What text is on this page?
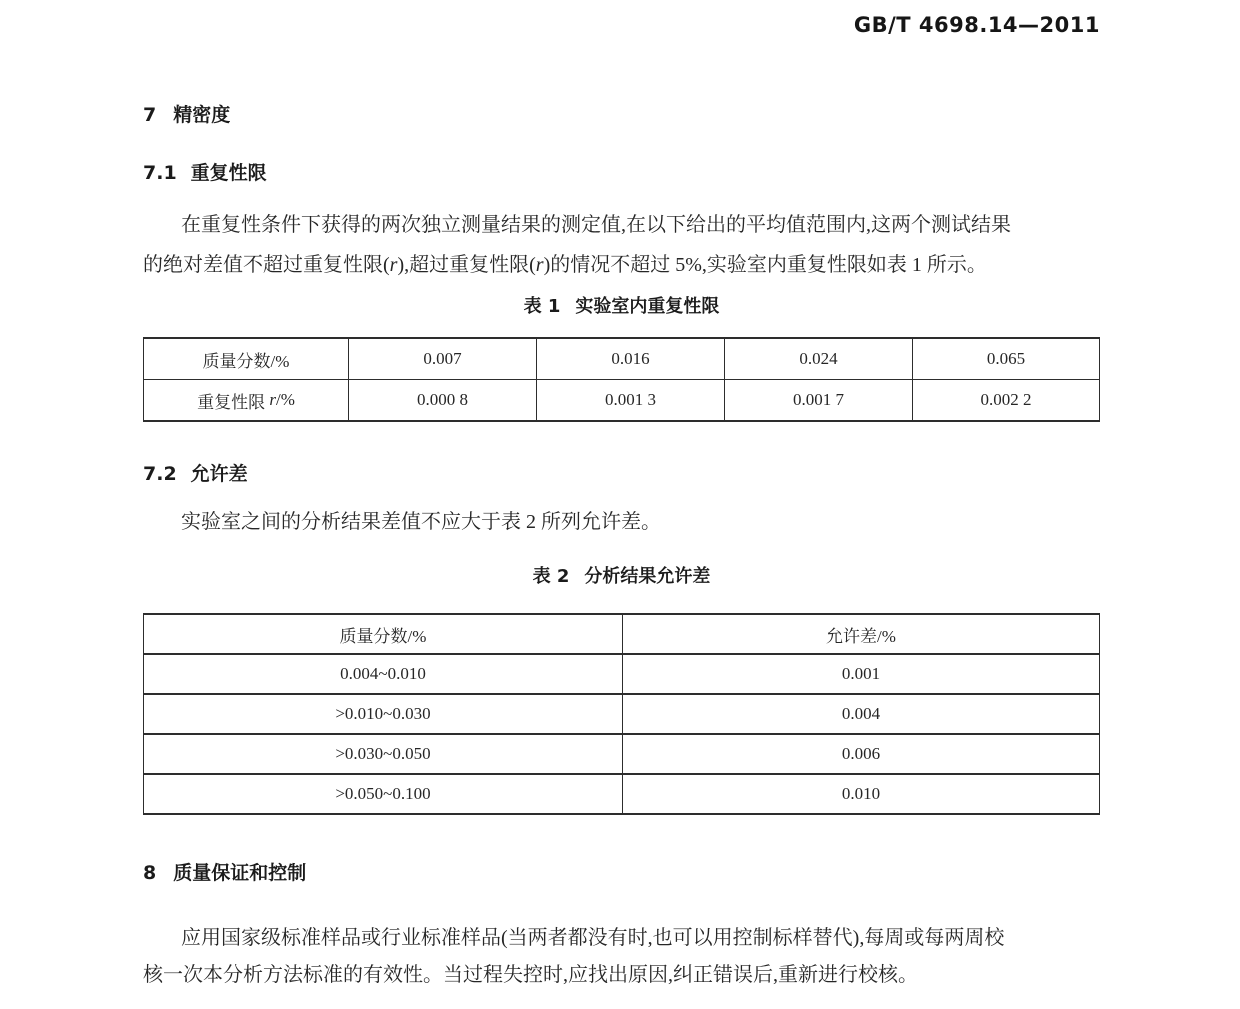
GB/T 4698.14—2011
7 精密度
7.1 重复性限
在重复性条件下获得的两次独立测量结果的测定值,在以下给出的平均值范围内,这两个测试结果
的绝对差值不超过重复性限(r),超过重复性限(r)的情况不超过 5%,实验室内重复性限如表 1 所示。
表 1 实验室内重复性限
质量分数/%	0.007	0.016	0.024	0.065
重复性限 r /%	0.000 8	0.001 3	0.001 7	0.002 2
7.2 允许差
实验室之间的分析结果差值不应大于表 2 所列允许差。
表 2 分析结果允许差
质量分数/%	允许差/%
0.004~0.010	0.001
>0.010~0.030	0.004
>0.030~0.050	0.006
>0.050~0.100	0.010
8 质量保证和控制
应用国家级标准样品或行业标准样品(当两者都没有时,也可以用控制标样替代),每周或每两周校
核一次本分析方法标准的有效性。当过程失控时,应找出原因,纠正错误后,重新进行校核。
